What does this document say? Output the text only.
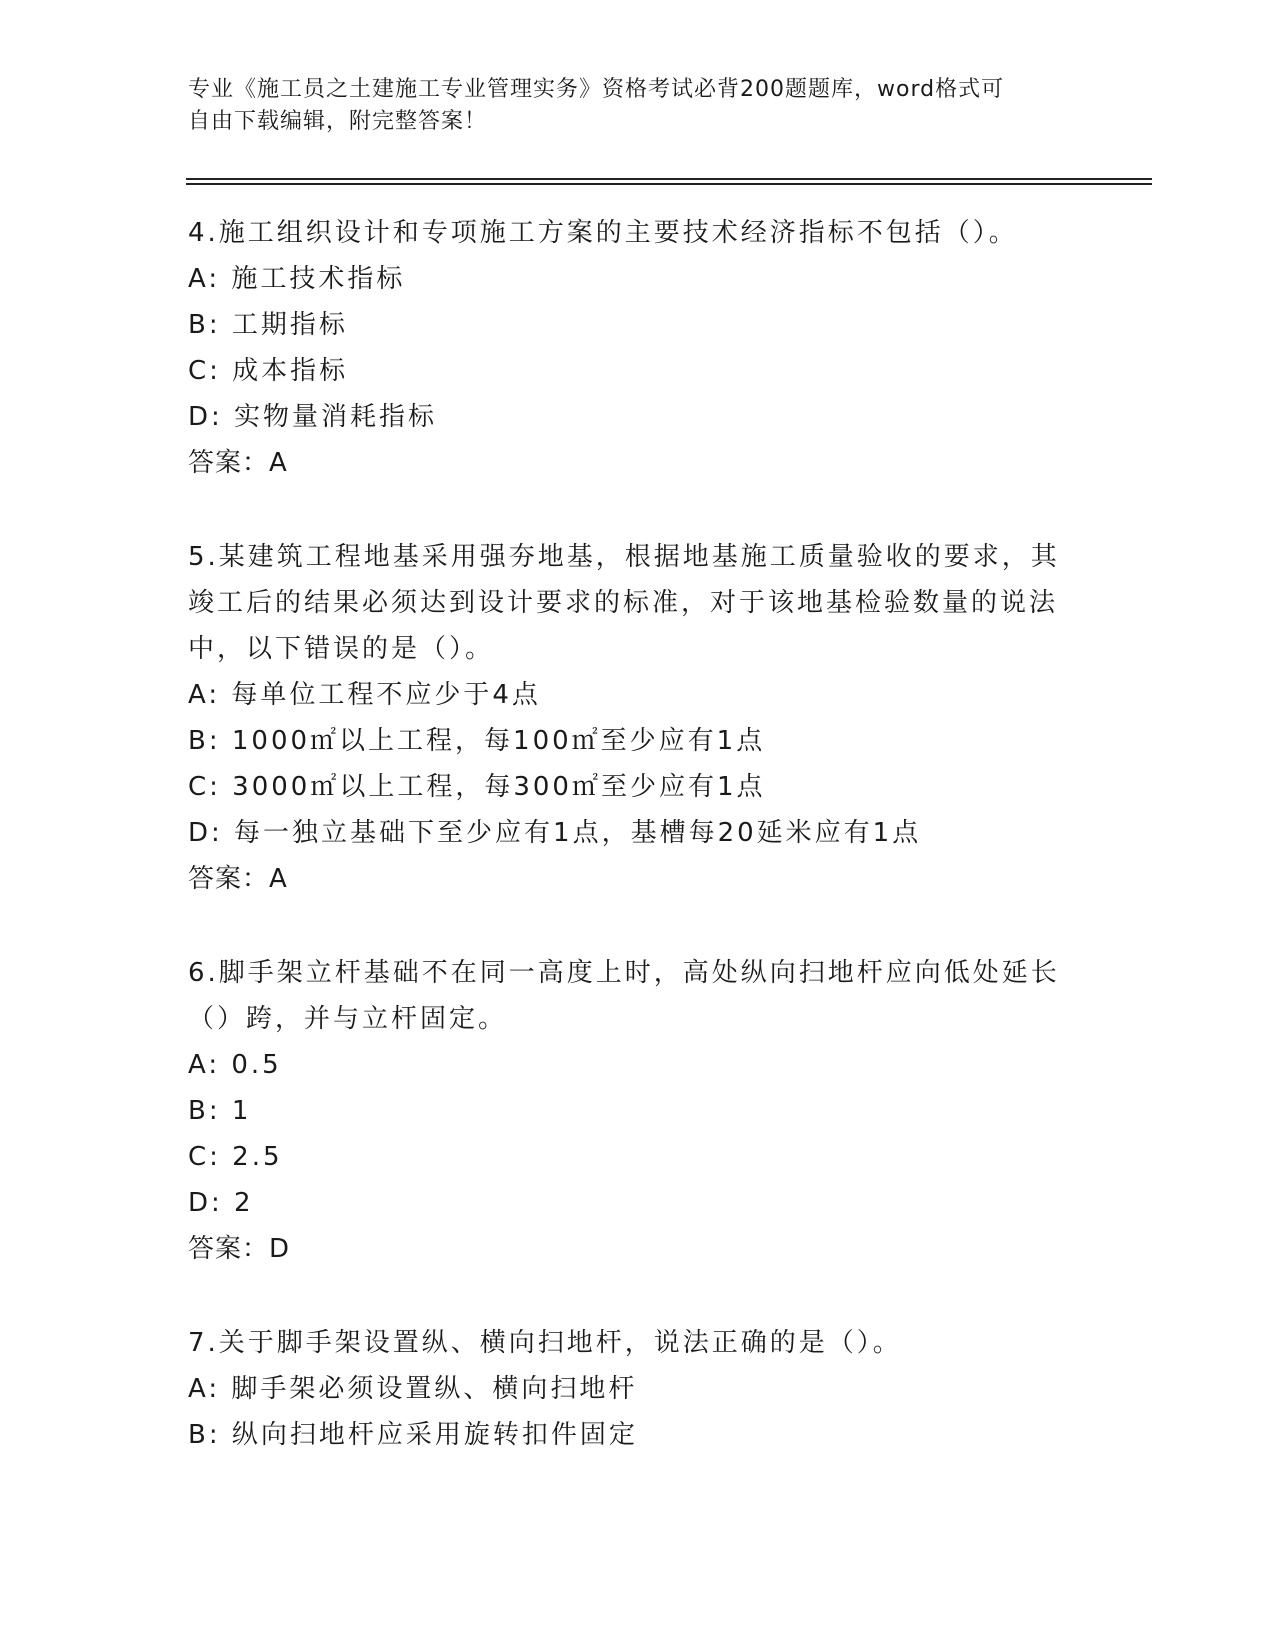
专业《施工员之土建施工专业管理实务》资格考试必背200题题库，word格式可
自由下载编辑，附完整答案！
4.施工组织设计和专项施工方案的主要技术经济指标不包括（）。
A: 施工技术指标
B: 工期指标
C: 成本指标
D: 实物量消耗指标
答案：A
5.某建筑工程地基采用强夯地基，根据地基施工质量验收的要求，其竣工后的结果必须达到设计要求的标准，对于该地基检验数量的说法中，以下错误的是（）。
A: 每单位工程不应少于4点
B: 1000㎡以上工程，每100㎡至少应有1点
C: 3000㎡以上工程，每300㎡至少应有1点
D: 每一独立基础下至少应有1点，基槽每20延米应有1点
答案：A
6.脚手架立杆基础不在同一高度上时，高处纵向扫地杆应向低处延长（）跨，并与立杆固定。
A: 0.5
B: 1
C: 2.5
D: 2
答案：D
7.关于脚手架设置纵、横向扫地杆，说法正确的是（）。
A: 脚手架必须设置纵、横向扫地杆
B: 纵向扫地杆应采用旋转扣件固定
